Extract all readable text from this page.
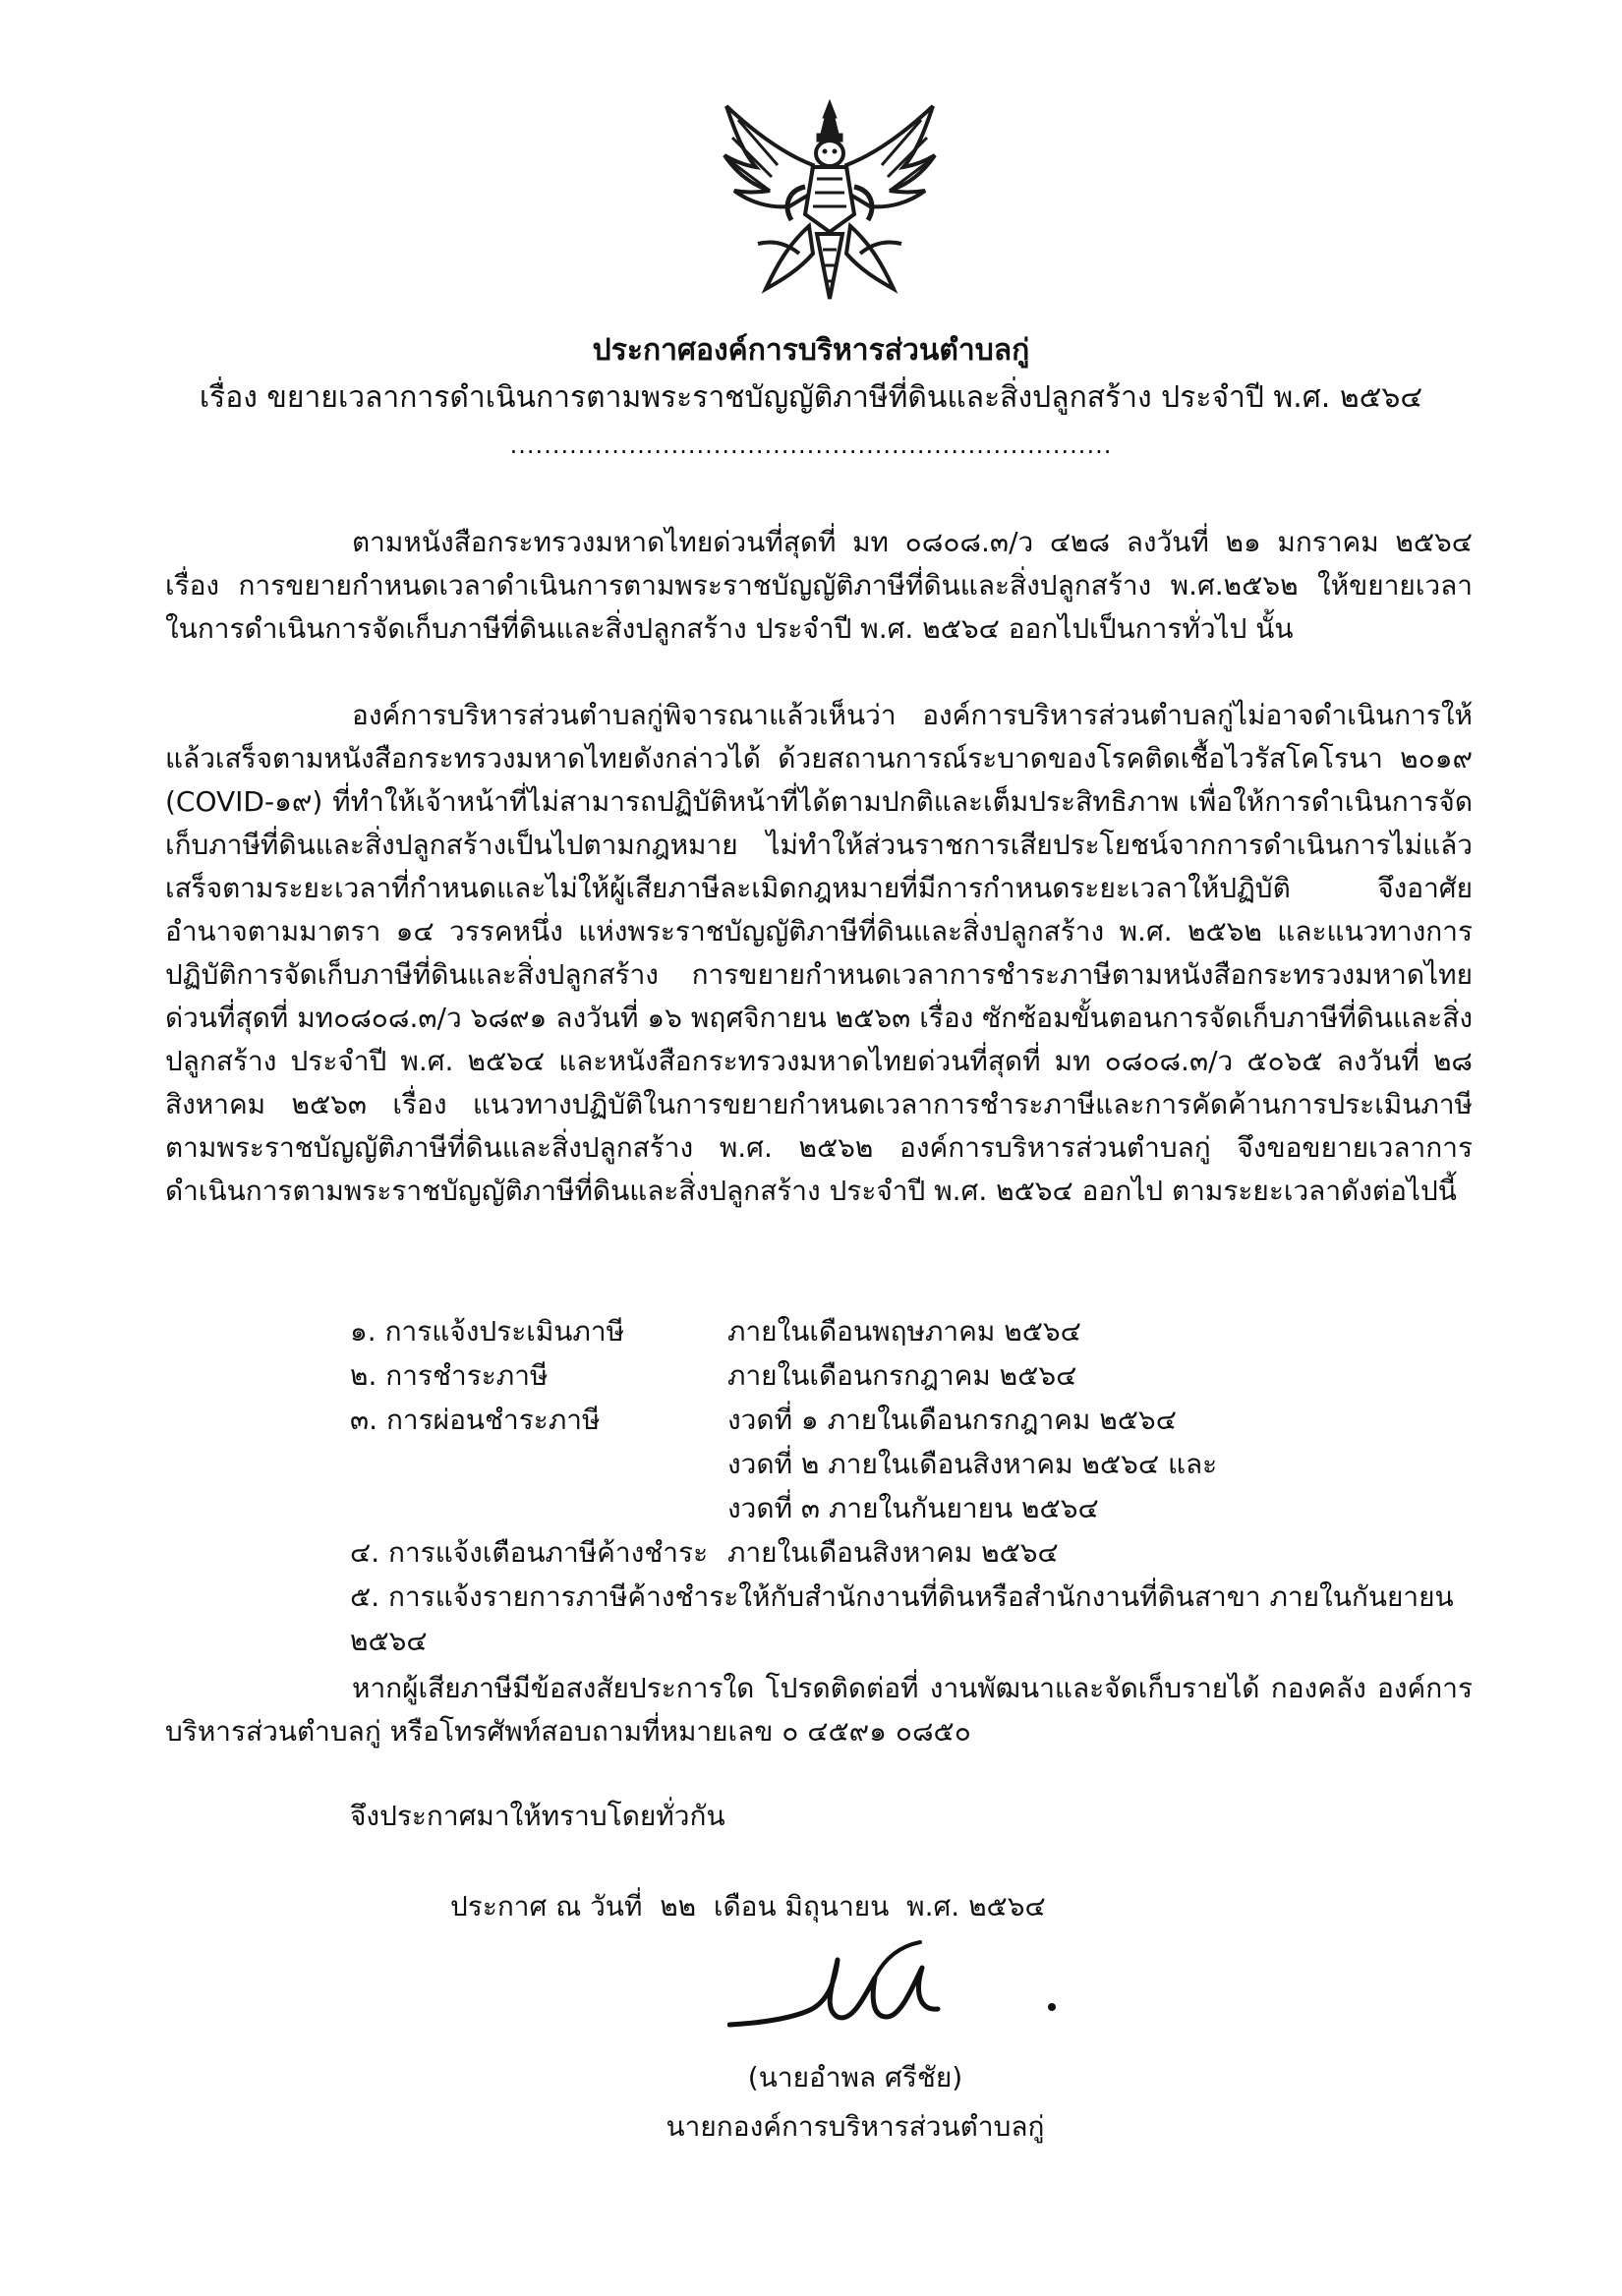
ประกาศองค์การบริหารส่วนตำบลกู่
เรื่อง ขยายเวลาการดำเนินการตามพระราชบัญญัติภาษีที่ดินและสิ่งปลูกสร้าง ประจำปี พ.ศ. ๒๕๖๔
.......................................................................

ตามหนังสือกระทรวงมหาดไทยด่วนที่สุดที่ มท ๐๘๐๘.๓/ว ๔๒๘ ลงวันที่ ๒๑ มกราคม ๒๕๖๔ เรื่อง การขยายกำหนดเวลาดำเนินการตามพระราชบัญญัติภาษีที่ดินและสิ่งปลูกสร้าง พ.ศ.๒๕๖๒ ให้ขยายเวลาในการดำเนินการจัดเก็บภาษีที่ดินและสิ่งปลูกสร้าง ประจำปี พ.ศ. ๒๕๖๔ ออกไปเป็นการทั่วไป นั้น

องค์การบริหารส่วนตำบลกู่พิจารณาแล้วเห็นว่า องค์การบริหารส่วนตำบลกู่ไม่อาจดำเนินการให้แล้วเสร็จตามหนังสือกระทรวงมหาดไทยดังกล่าวได้ ด้วยสถานการณ์ระบาดของโรคติดเชื้อไวรัสโคโรนา ๒๐๑๙ (COVID-๑๙) ที่ทำให้เจ้าหน้าที่ไม่สามารถปฏิบัติหน้าที่ได้ตามปกติและเต็มประสิทธิภาพ เพื่อให้การดำเนินการจัดเก็บภาษีที่ดินและสิ่งปลูกสร้างเป็นไปตามกฎหมาย ไม่ทำให้ส่วนราชการเสียประโยชน์จากการดำเนินการไม่แล้วเสร็จตามระยะเวลาที่กำหนดและไม่ให้ผู้เสียภาษีละเมิดกฎหมายที่มีการกำหนดระยะเวลาให้ปฏิบัติ จึงอาศัยอำนาจตามมาตรา ๑๔ วรรคหนึ่ง แห่งพระราชบัญญัติภาษีที่ดินและสิ่งปลูกสร้าง พ.ศ. ๒๕๖๒ และแนวทางการปฏิบัติการจัดเก็บภาษีที่ดินและสิ่งปลูกสร้าง การขยายกำหนดเวลาการชำระภาษีตามหนังสือกระทรวงมหาดไทยด่วนที่สุดที่ มท๐๘๐๘.๓/ว ๖๘๙๑ ลงวันที่ ๑๖ พฤศจิกายน ๒๕๖๓ เรื่อง ซักซ้อมขั้นตอนการจัดเก็บภาษีที่ดินและสิ่งปลูกสร้าง ประจำปี พ.ศ. ๒๕๖๔ และหนังสือกระทรวงมหาดไทยด่วนที่สุดที่ มท ๐๘๐๘.๓/ว ๕๐๖๕ ลงวันที่ ๒๘ สิงหาคม ๒๕๖๓ เรื่อง แนวทางปฏิบัติในการขยายกำหนดเวลาการชำระภาษีและการคัดค้านการประเมินภาษีตามพระราชบัญญัติภาษีที่ดินและสิ่งปลูกสร้าง พ.ศ. ๒๕๖๒ องค์การบริหารส่วนตำบลกู่ จึงขอขยายเวลาการดำเนินการตามพระราชบัญญัติภาษีที่ดินและสิ่งปลูกสร้าง ประจำปี พ.ศ. ๒๕๖๔ ออกไป ตามระยะเวลาดังต่อไปนี้

๑. การแจ้งประเมินภาษี	ภายในเดือนพฤษภาคม ๒๕๖๔
๒. การชำระภาษี	ภายในเดือนกรกฎาคม ๒๕๖๔
๓. การผ่อนชำระภาษี	งวดที่ ๑ ภายในเดือนกรกฎาคม ๒๕๖๔
งวดที่ ๒ ภายในเดือนสิงหาคม ๒๕๖๔ และ
งวดที่ ๓ ภายในกันยายน ๒๕๖๔
๔. การแจ้งเตือนภาษีค้างชำระ ภายในเดือนสิงหาคม ๒๕๖๔
๕. การแจ้งรายการภาษีค้างชำระให้กับสำนักงานที่ดินหรือสำนักงานที่ดินสาขา ภายในกันยายน ๒๕๖๔

หากผู้เสียภาษีมีข้อสงสัยประการใด โปรดติดต่อที่ งานพัฒนาและจัดเก็บรายได้ กองคลัง องค์การบริหารส่วนตำบลกู่ หรือโทรศัพท์สอบถามที่หมายเลข ๐ ๔๕๙๑ ๐๘๕๐

จึงประกาศมาให้ทราบโดยทั่วกัน
ประกาศ ณ วันที่  ๒๒  เดือน มิถุนายน  พ.ศ. ๒๕๖๔
(นายอำพล ศรีชัย)
นายกองค์การบริหารส่วนตำบลกู่
